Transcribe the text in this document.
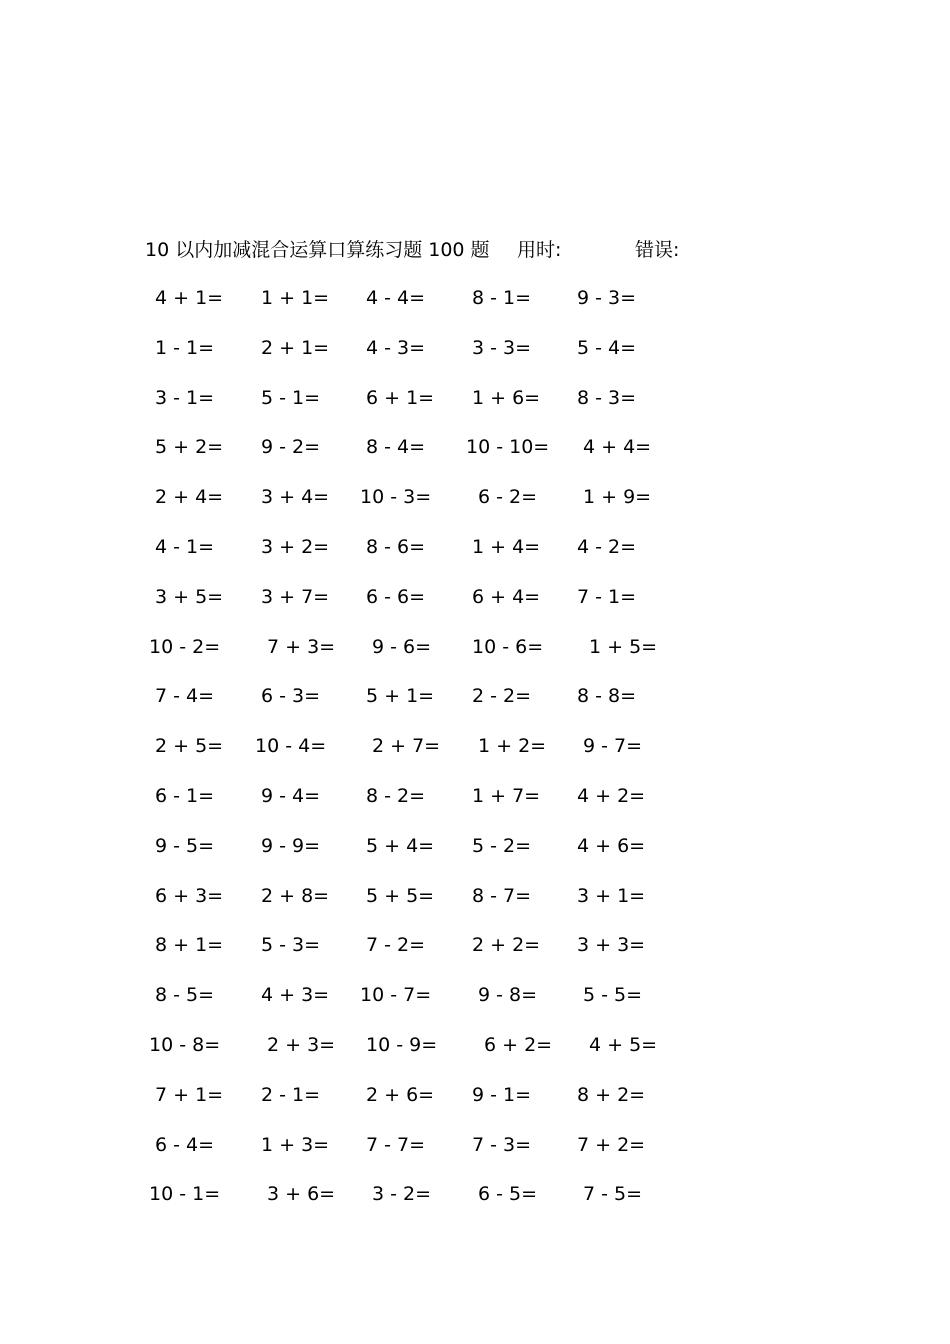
10 以内加减混合运算口算练习题 100 题 用时:	错误:
4 + 1= 1 + 1= 4 - 4= 8 - 1= 9 - 3=
1 - 1= 2 + 1= 4 - 3= 3 - 3= 5 - 4=
3 - 1= 5 - 1= 6 + 1= 1 + 6= 8 - 3=
5 + 2= 9 - 2= 8 - 4= 10 - 10= 4 + 4=
2 + 4= 3 + 4= 10 - 3= 6 - 2= 1 + 9=
4 - 1= 3 + 2= 8 - 6= 1 + 4= 4 - 2=
3 + 5= 3 + 7= 6 - 6= 6 + 4= 7 - 1=
10 - 2= 7 + 3= 9 - 6= 10 - 6= 1 + 5=
7 - 4= 6 - 3= 5 + 1= 2 - 2= 8 - 8=
2 + 5= 10 - 4= 2 + 7= 1 + 2= 9 - 7=
6 - 1= 9 - 4= 8 - 2= 1 + 7= 4 + 2=
9 - 5= 9 - 9= 5 + 4= 5 - 2= 4 + 6=
6 + 3= 2 + 8= 5 + 5= 8 - 7= 3 + 1=
8 + 1= 5 - 3= 7 - 2= 2 + 2= 3 + 3=
8 - 5= 4 + 3= 10 - 7= 9 - 8= 5 - 5=
10 - 8= 2 + 3= 10 - 9= 6 + 2= 4 + 5=
7 + 1= 2 - 1= 2 + 6= 9 - 1= 8 + 2=
6 - 4= 1 + 3= 7 - 7= 7 - 3= 7 + 2=
10 - 1= 3 + 6= 3 - 2= 6 - 5= 7 - 5=
